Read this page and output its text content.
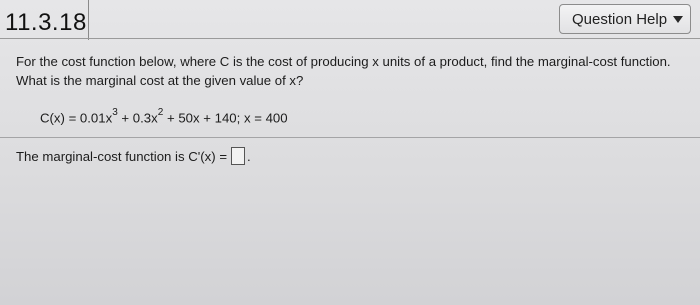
11.3.18	Question Help
For the cost function below, where C is the cost of producing x units of a product, find the marginal-cost function. What is the marginal cost at the given value of x?
$C(x) = 0.01x^3 + 0.3x^2 + 50x + 140$; x = 400
The marginal-cost function is C'(x) = .
